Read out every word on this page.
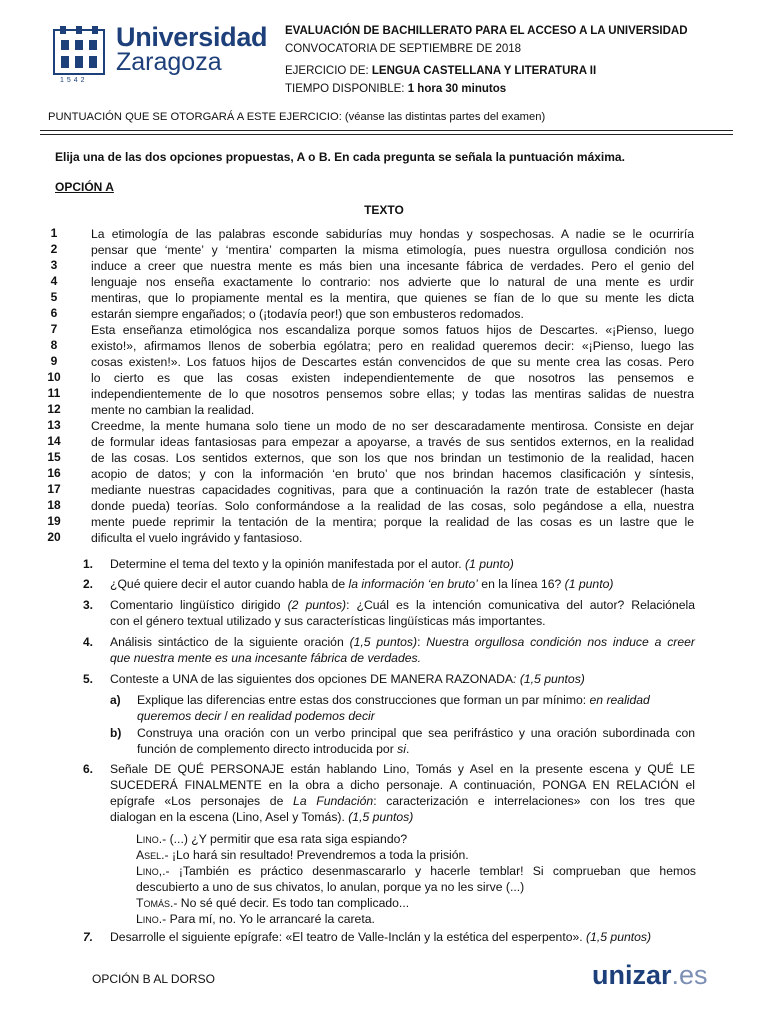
Universidad
Zaragoza
1542
EVALUACIÓN DE BACHILLERATO PARA EL ACCESO A LA UNIVERSIDAD
CONVOCATORIA DE SEPTIEMBRE DE 2018
EJERCICIO DE: LENGUA CASTELLANA Y LITERATURA II
TIEMPO DISPONIBLE: 1 hora 30 minutos
PUNTUACIÓN QUE SE OTORGARÁ A ESTE EJERCICIO: (véanse las distintas partes del examen)
Elija una de las dos opciones propuestas, A o B. En cada pregunta se señala la puntuación máxima.
OPCIÓN A
TEXTO
1	La etimología de las palabras esconde sabidurías muy hondas y sospechosas. A nadie se le ocurriría
2	pensar que ‘mente’ y ‘mentira’ comparten la misma etimología, pues nuestra orgullosa condición nos
3	induce a creer que nuestra mente es más bien una incesante fábrica de verdades. Pero el genio del
4	lenguaje nos enseña exactamente lo contrario: nos advierte que lo natural de una mente es urdir
5	mentiras, que lo propiamente mental es la mentira, que quienes se fían de lo que su mente les dicta
6	estarán siempre engañados; o (¡todavía peor!) que son embusteros redomados.
7	Esta enseñanza etimológica nos escandaliza porque somos fatuos hijos de Descartes. «¡Pienso, luego
8	existo!», afirmamos llenos de soberbia ególatra; pero en realidad queremos decir: «¡Pienso, luego las
9	cosas existen!». Los fatuos hijos de Descartes están convencidos de que su mente crea las cosas. Pero
10	lo cierto es que las cosas existen independientemente de que nosotros las pensemos e
11	independientemente de lo que nosotros pensemos sobre ellas; y todas las mentiras salidas de nuestra
12	mente no cambian la realidad.
13	Creedme, la mente humana solo tiene un modo de no ser descaradamente mentirosa. Consiste en dejar
14	de formular ideas fantasiosas para empezar a apoyarse, a través de sus sentidos externos, en la realidad
15	de las cosas. Los sentidos externos, que son los que nos brindan un testimonio de la realidad, hacen
16	acopio de datos; y con la información ‘en bruto’ que nos brindan hacemos clasificación y síntesis,
17	mediante nuestras capacidades cognitivas, para que a continuación la razón trate de establecer (hasta
18	donde pueda) teorías. Solo conformándose a la realidad de las cosas, solo pegándose a ella, nuestra
19	mente puede reprimir la tentación de la mentira; porque la realidad de las cosas es un lastre que le
20	dificulta el vuelo ingrávido y fantasioso.
1. Determine el tema del texto y la opinión manifestada por el autor. (1 punto)
2. ¿Qué quiere decir el autor cuando habla de la información ‘en bruto’ en la línea 16? (1 punto)
3. Comentario lingüístico dirigido (2 puntos): ¿Cuál es la intención comunicativa del autor? Relaciónela
con el género textual utilizado y sus características lingüísticas más importantes.
4. Análisis sintáctico de la siguiente oración (1,5 puntos): Nuestra orgullosa condición nos induce a creer
que nuestra mente es una incesante fábrica de verdades.
5. Conteste a UNA de las siguientes dos opciones DE MANERA RAZONADA: (1,5 puntos)
a) Explique las diferencias entre estas dos construcciones que forman un par mínimo: en realidad
queremos decir / en realidad podemos decir
b) Construya una oración con un verbo principal que sea perifrástico y una oración subordinada con
función de complemento directo introducida por si.
6. Señale DE QUÉ PERSONAJE están hablando Lino, Tomás y Asel en la presente escena y QUÉ LE
SUCEDERÁ FINALMENTE en la obra a dicho personaje. A continuación, PONGA EN RELACIÓN el
epígrafe «Los personajes de La Fundación: caracterización e interrelaciones» con los tres que
dialogan en la escena (Lino, Asel y Tomás). (1,5 puntos)
Lino.- (...) ¿Y permitir que esa rata siga espiando?
Asel.- ¡Lo hará sin resultado! Prevendremos a toda la prisión.
Lino,.- ¡También es práctico desenmascararlo y hacerle temblar! Si comprueban que hemos
descubierto a uno de sus chivatos, lo anulan, porque ya no les sirve (...)
Tomás.- No sé qué decir. Es todo tan complicado...
Lino.- Para mí, no. Yo le arrancaré la careta.
7. Desarrolle el siguiente epígrafe: «El teatro de Valle-Inclán y la estética del esperpento». (1,5 puntos)
OPCIÓN B AL DORSO	unizar.es
